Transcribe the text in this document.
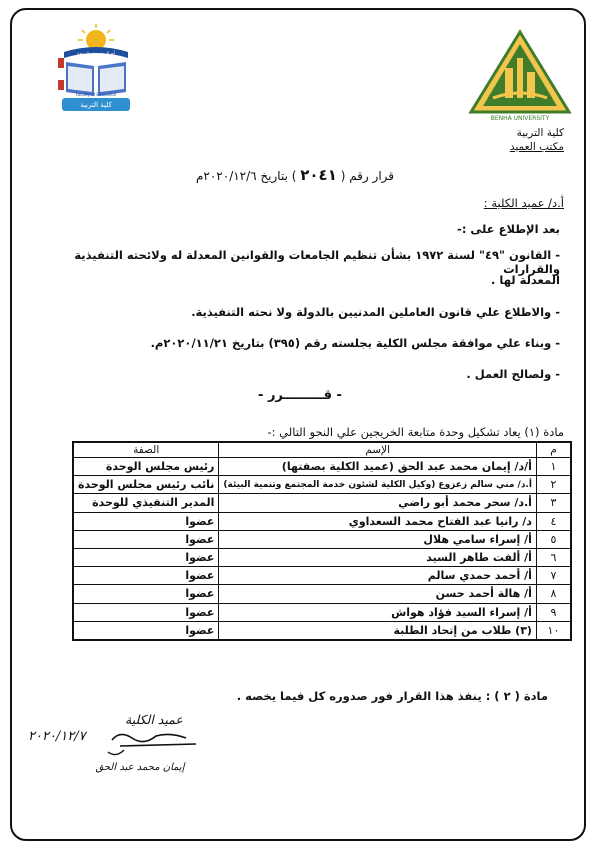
أجيال جديدة طموحة
كلية التربية
Faculty of Education
BENHA UNIVERSITY
كلية التربية
مكتب العميد
قرار رقم ( ٢٠٤١ ) بتاريخ ٢٠٢٠/١٢/٦م
أ.د/ عميد الكلية :
بعد الإطلاع على :-
- القانون "٤٩" لسنة ١٩٧٢ بشأن تنظيم الجامعات والقوانين المعدلة له ولائحته التنفيذية والقرارات
المعدلة لها .
- والاطلاع علي قانون العاملين المدنيين بالدولة ولا نحته التنفيذية.
- وبناء علي موافقة مجلس الكلية بجلسته رقم (٣٩٥) بتاريخ ٢٠٢٠/١١/٢١م.
- ولصالح العمل .
- قـــــــــرر -
مادة (١) يعاد تشكيل وحدة متابعة الخريجين علي النحو التالي :-
م	الإسم	الصفة
١	أ/د/ إيمان محمد عبد الحق (عميد الكلية بصفتها)	رئيس مجلس الوحدة
٢	أ.د/ مني سالم زعزوع (وكيل الكلية لشئون خدمة المجتمع وتنمية البيئة)	نائب رئيس مجلس الوحدة
٣	أ.د/ سحر محمد أبو راضي	المدير التنفيذي للوحدة
٤	د/ رانيا عبد الفتاح محمد السعداوي	عضوا
٥	أ/ إسراء سامي هلال	عضوا
٦	أ/ ألفت طاهر السيد	عضوا
٧	أ/ أحمد حمدي سالم	عضوا
٨	أ/ هالة أحمد حسن	عضوا
٩	أ/ إسراء السيد فؤاد هواش	عضوا
١٠	(٣) طلاب من إتحاد الطلبة	عضوا
مادة ( ٢ ) : ينفذ هذا القرار فور صدوره كل فيما يخصه .
عميد الكلية
٢٠٢٠/١٢/٧
إيمان محمد عبد الحق
